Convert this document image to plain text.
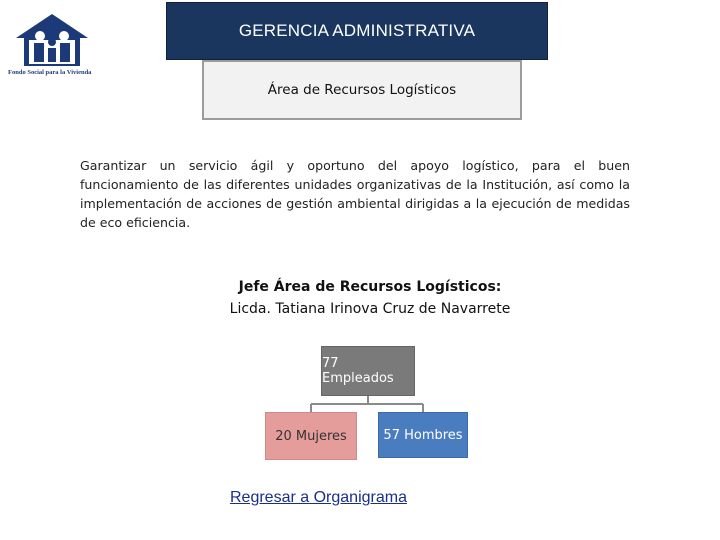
Fondo Social para la Vivienda
GERENCIA ADMINISTRATIVA
Área de Recursos Logísticos

Garantizar un servicio ágil y oportuno del apoyo logístico, para el buen funcionamiento de las diferentes unidades organizativas de la Institución, así como la implementación de acciones de gestión ambiental dirigidas a la ejecución de medidas de eco eficiencia.

Jefe Área de Recursos Logísticos:
Licda. Tatiana Irinova Cruz de Navarrete
77 Empleados
20 Mujeres	57 Hombres
Regresar a Organigrama
